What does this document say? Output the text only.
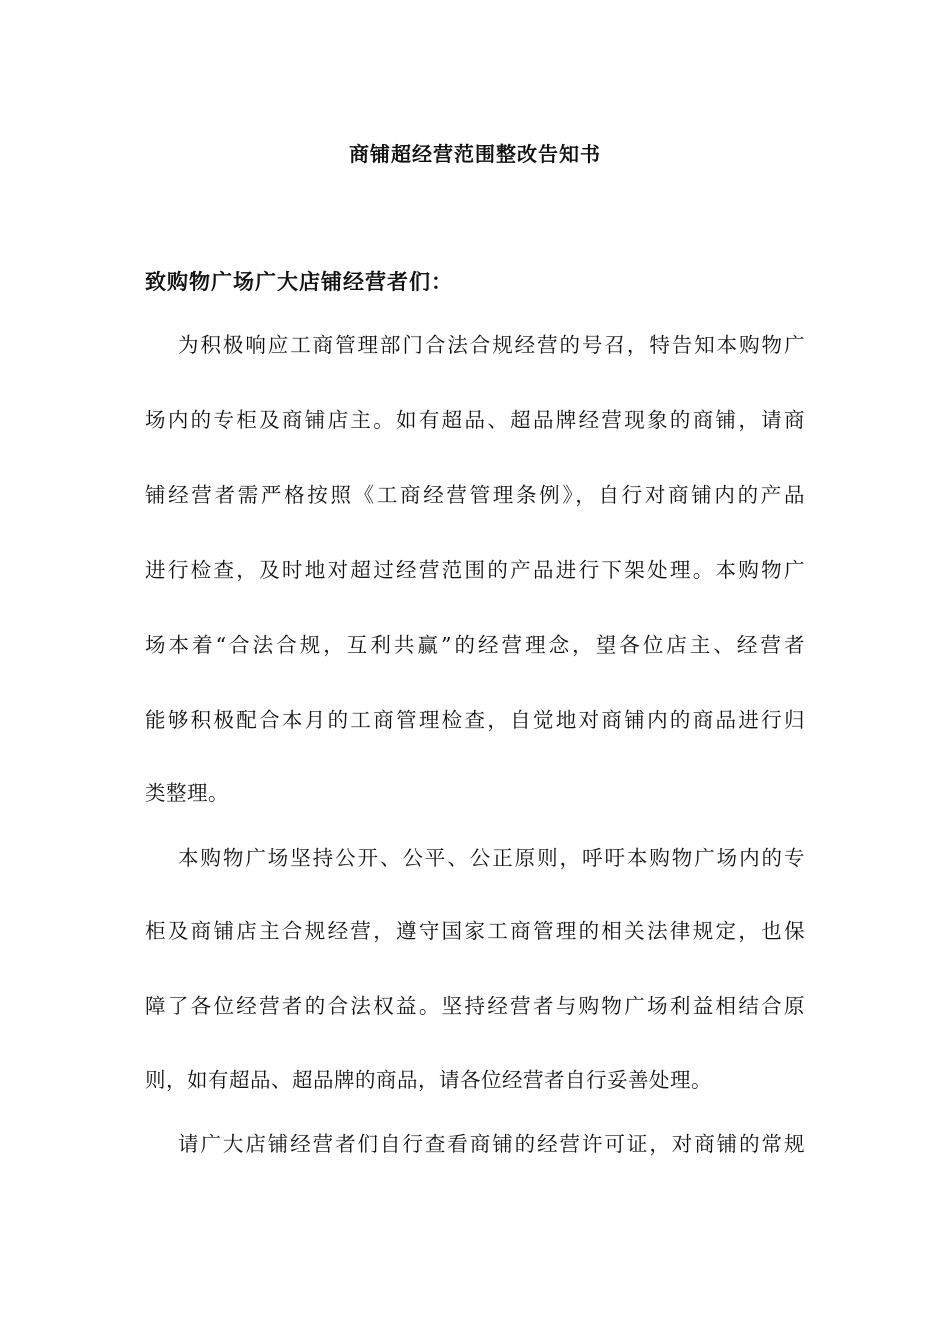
商铺超经营范围整改告知书
致购物广场广大店铺经营者们：
为积极响应工商管理部门合法合规经营的号召，特告知本购物广
场内的专柜及商铺店主。如有超品、超品牌经营现象的商铺，请商
铺经营者需严格按照《工商经营管理条例》，自行对商铺内的产品
进行检查，及时地对超过经营范围的产品进行下架处理。本购物广
场本着“合法合规，互利共赢”的经营理念，望各位店主、经营者
能够积极配合本月的工商管理检查，自觉地对商铺内的商品进行归
类整理。
本购物广场坚持公开、公平、公正原则，呼吁本购物广场内的专
柜及商铺店主合规经营，遵守国家工商管理的相关法律规定，也保
障了各位经营者的合法权益。坚持经营者与购物广场利益相结合原
则，如有超品、超品牌的商品，请各位经营者自行妥善处理。
请广大店铺经营者们自行查看商铺的经营许可证，对商铺的常规
